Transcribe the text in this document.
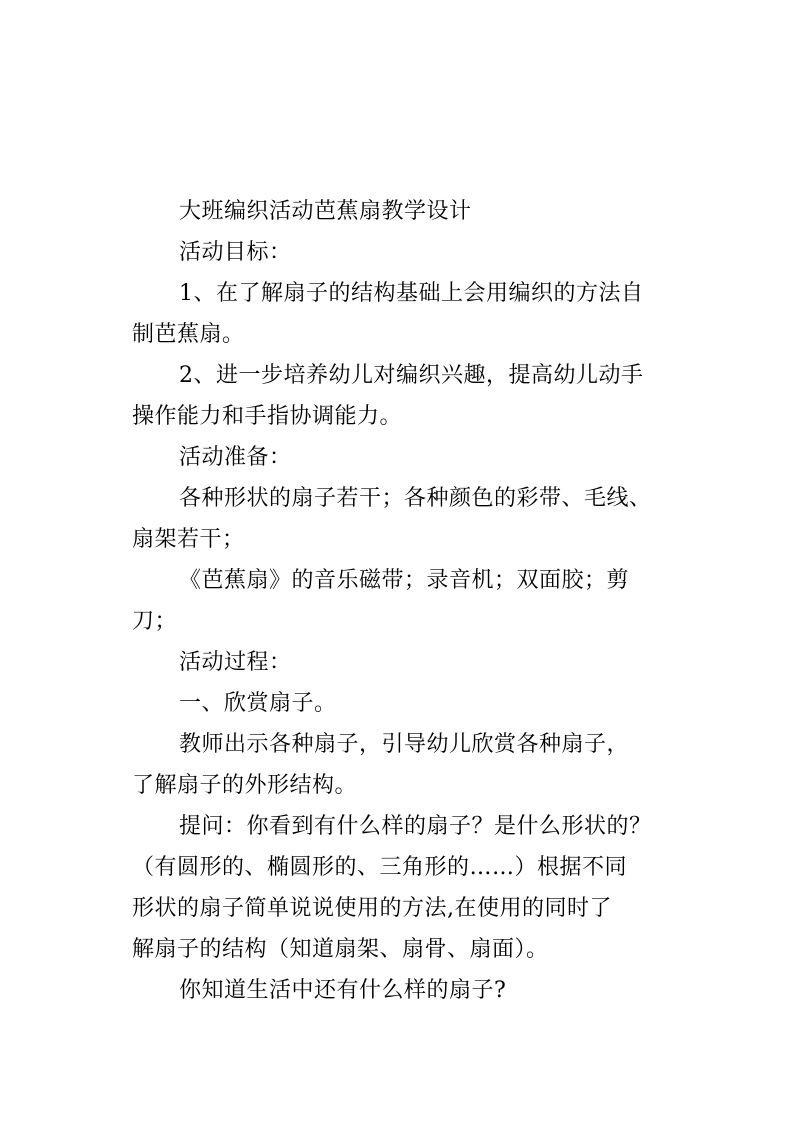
大班编织活动芭蕉扇教学设计
活动目标：
1、在了解扇子的结构基础上会用编织的方法自
制芭蕉扇。
2、进一步培养幼儿对编织兴趣，提高幼儿动手
操作能力和手指协调能力。
活动准备：
各种形状的扇子若干；各种颜色的彩带、毛线、
扇架若干；
《芭蕉扇》的音乐磁带；录音机；双面胶；剪
刀；
活动过程：
一、欣赏扇子。
教师出示各种扇子，引导幼儿欣赏各种扇子，
了解扇子的外形结构。
提问：你看到有什么样的扇子？是什么形状的？
（有圆形的、椭圆形的、三角形的……）根据不同
形状的扇子简单说说使用的方法,在使用的同时了
解扇子的结构（知道扇架、扇骨、扇面）。
你知道生活中还有什么样的扇子?
